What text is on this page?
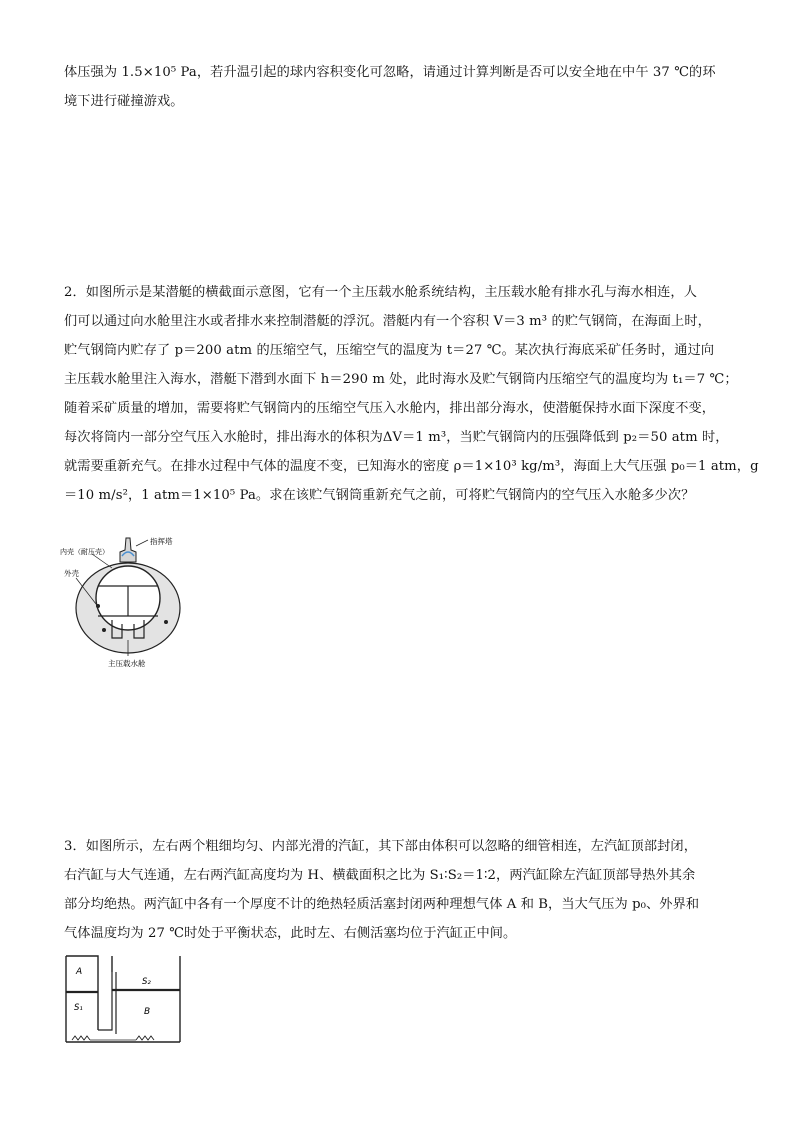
体压强为 1.5×10⁵ Pa，若升温引起的球内容积变化可忽略，请通过计算判断是否可以安全地在中午 37 ℃的环
境下进行碰撞游戏。
2．如图所示是某潜艇的横截面示意图，它有一个主压载水舱系统结构，主压载水舱有排水孔与海水相连，人
们可以通过向水舱里注水或者排水来控制潜艇的浮沉。潜艇内有一个容积 V＝3 m³ 的贮气钢筒，在海面上时，
贮气钢筒内贮存了 p＝200 atm 的压缩空气，压缩空气的温度为 t＝27 ℃。某次执行海底采矿任务时，通过向
主压载水舱里注入海水，潜艇下潜到水面下 h＝290 m 处，此时海水及贮气钢筒内压缩空气的温度均为 t₁＝7 ℃；
随着采矿质量的增加，需要将贮气钢筒内的压缩空气压入水舱内，排出部分海水，使潜艇保持水面下深度不变，
每次将筒内一部分空气压入水舱时，排出海水的体积为ΔV＝1 m³，当贮气钢筒内的压强降低到 p₂＝50 atm 时，
就需要重新充气。在排水过程中气体的温度不变，已知海水的密度 ρ＝1×10³ kg/m³，海面上大气压强 p₀＝1 atm，g
＝10 m/s²，1 atm＝1×10⁵ Pa。求在该贮气钢筒重新充气之前，可将贮气钢筒内的空气压入水舱多少次？
指挥塔
内壳（耐压壳）
外壳
主压载水舱
3．如图所示，左右两个粗细均匀、内部光滑的汽缸，其下部由体积可以忽略的细管相连，左汽缸顶部封闭，
右汽缸与大气连通，左右两汽缸高度均为 H、横截面积之比为 S₁∶S₂＝1∶2，两汽缸除左汽缸顶部导热外其余
部分均绝热。两汽缸中各有一个厚度不计的绝热轻质活塞封闭两种理想气体 A 和 B，当大气压为 p₀、外界和
气体温度均为 27 ℃时处于平衡状态，此时左、右侧活塞均位于汽缸正中间。
A
S₁
S₂
B
